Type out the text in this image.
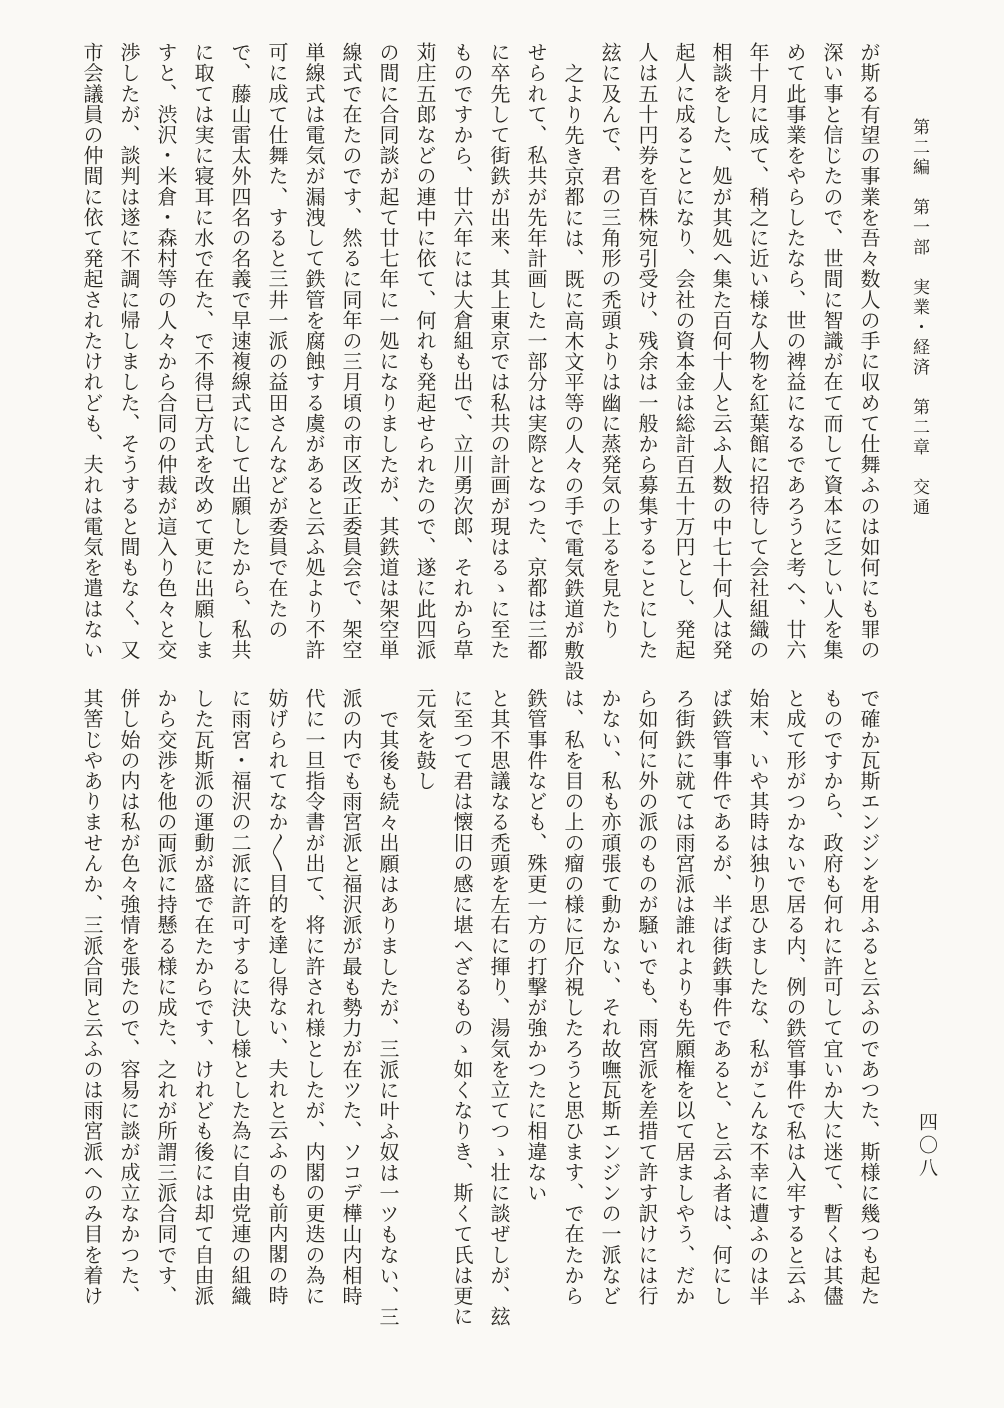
第二編　第一部　実業・経済　第二章　交通

が斯る有望の事業を吾々数人の手に収めて仕舞ふのは如何にも罪の

深い事と信じたので、世間に智識が在て而して資本に乏しい人を集

めて此事業をやらしたなら、世の裨益になるであろうと考へ、廿六

年十月に成て、稍之に近い様な人物を紅葉館に招待して会社組織の

相談をした、処が其処へ集た百何十人と云ふ人数の中七十何人は発

起人に成ることになり、会社の資本金は総計百五十万円とし、発起

人は五十円券を百株宛引受け、残余は一般から募集することにした

玆に及んで、君の三角形の禿頭よりは幽に蒸発気の上るを見たり

之より先き京都には、既に高木文平等の人々の手で電気鉄道が敷設

せられて、私共が先年計画した一部分は実際となつた、京都は三都

に卒先して街鉄が出来、其上東京では私共の計画が現はるゝに至た

ものですから、廿六年には大倉組も出で、立川勇次郎、それから草

苅庄五郎などの連中に依て、何れも発起せられたので、遂に此四派

の間に合同談が起て廿七年に一処になりましたが、其鉄道は架空単

線式で在たのです、然るに同年の三月頃の市区改正委員会で、架空

単線式は電気が漏洩して鉄管を腐蝕する虞があると云ふ処より不許

可に成て仕舞た、すると三井一派の益田さんなどが委員で在たの

で、藤山雷太外四名の名義で早速複線式にして出願したから、私共

に取ては実に寝耳に水で在た、で不得已方式を改めて更に出願しま

すと、渋沢・米倉・森村等の人々から合同の仲裁が這入り色々と交

渉したが、談判は遂に不調に帰しました、そうすると間もなく、又

市会議員の仲間に依て発起されたけれども、夫れは電気を遣はない

で確か瓦斯エンジンを用ふると云ふのであつた、斯様に幾つも起た

ものですから、政府も何れに許可して宜いか大に迷て、暫くは其儘

と成て形がつかないで居る内、例の鉄管事件で私は入牢すると云ふ

始末、いや其時は独り思ひましたな、私がこんな不幸に遭ふのは半

ば鉄管事件であるが、半ば街鉄事件であると、と云ふ者は、何にし

ろ街鉄に就ては雨宮派は誰れよりも先願権を以て居ましやう、だか

ら如何に外の派のものが騒いでも、雨宮派を差措て許す訳けには行

かない、私も亦頑張て動かない、それ故嘸瓦斯エンジンの一派など

は、私を目の上の瘤の様に厄介視したろうと思ひます、で在たから

鉄管事件なども、殊更一方の打撃が強かつたに相違ない

と其不思議なる禿頭を左右に揮り、湯気を立てつゝ壮に談ぜしが、玆

に至つて君は懐旧の感に堪へざるものゝ如くなりき、斯くて氏は更に

元気を鼓し

で其後も続々出願はありましたが、三派に叶ふ奴は一ツもない、三

派の内でも雨宮派と福沢派が最も勢力が在ツた、ソコデ樺山内相時

代に一旦指令書が出て、将に許され様としたが、内閣の更迭の為に

妨げられてなか〱目的を達し得ない、夫れと云ふのも前内閣の時

に雨宮・福沢の二派に許可するに決し様とした為に自由党連の組織

した瓦斯派の運動が盛で在たからです、けれども後には却て自由派

から交渉を他の両派に持懸る様に成た、之れが所謂三派合同です、

併し始の内は私が色々強情を張たので、容易に談が成立なかつた、

其筈じやありませんか、三派合同と云ふのは雨宮派へのみ目を着け	四〇八
